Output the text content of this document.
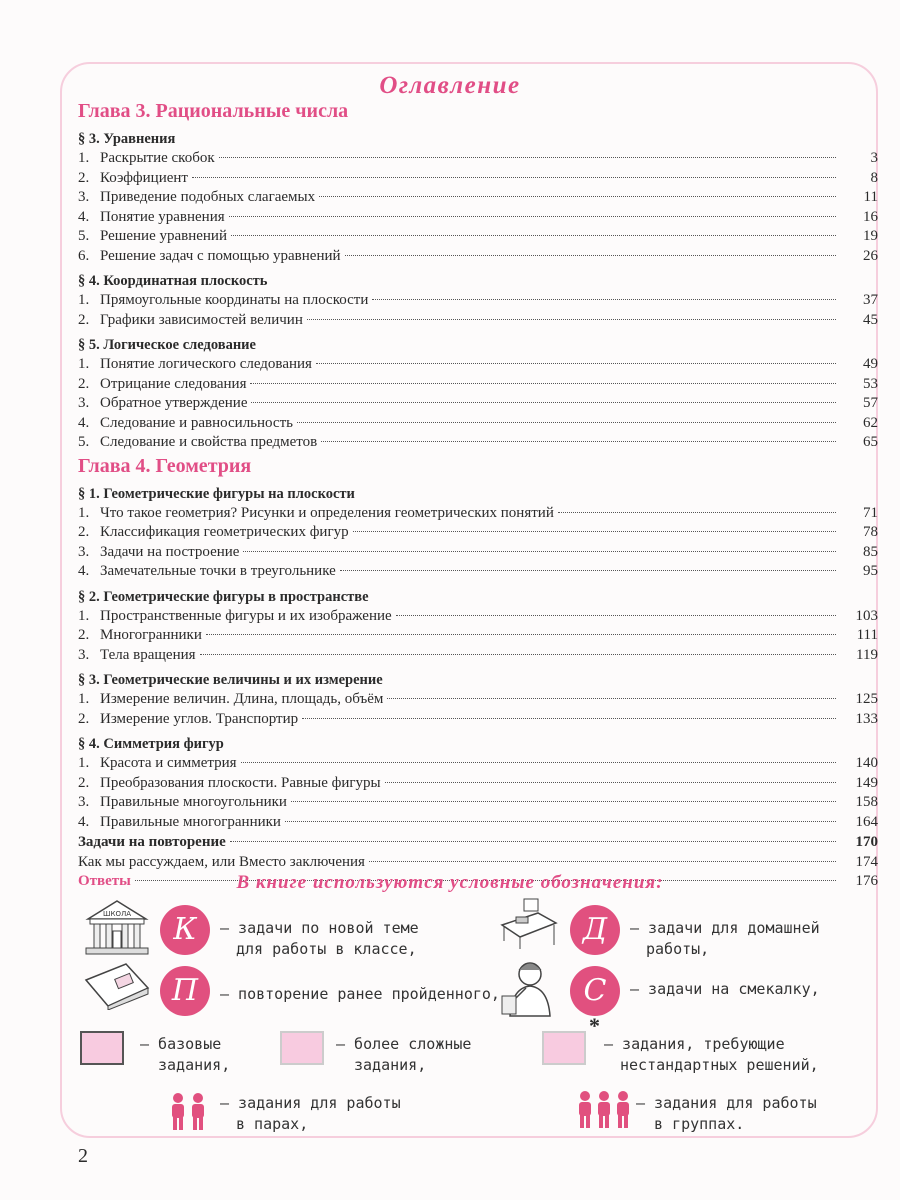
Оглавление
Глава 3. Рациональные числа
§ 3. Уравнения
1. Раскрытие скобок	3
2. Коэффициент	8
3. Приведение подобных слагаемых	11
4. Понятие уравнения	16
5. Решение уравнений	19
6. Решение задач с помощью уравнений	26
§ 4. Координатная плоскость
1. Прямоугольные координаты на плоскости	37
2. Графики зависимостей величин	45
§ 5. Логическое следование
1. Понятие логического следования	49
2. Отрицание следования	53
3. Обратное утверждение	57
4. Следование и равносильность	62
5. Следование и свойства предметов	65
Глава 4. Геометрия
§ 1. Геометрические фигуры на плоскости
1. Что такое геометрия? Рисунки и определения геометрических понятий	71
2. Классификация геометрических фигур	78
3. Задачи на построение	85
4. Замечательные точки в треугольнике	95
§ 2. Геометрические фигуры в пространстве
1. Пространственные фигуры и их изображение	103
2. Многогранники	111
3. Тела вращения	119
§ 3. Геометрические величины и их измерение
1. Измерение величин. Длина, площадь, объём	125
2. Измерение углов. Транспортир	133
§ 4. Симметрия фигур
1. Красота и симметрия	140
2. Преобразования плоскости. Равные фигуры	149
3. Правильные многоугольники	158
4. Правильные многогранники	164
Задачи на повторение	170
Как мы рассуждаем, или Вместо заключения	174
Ответы	176
В книге используются условные обозначения:
ШКОЛА	К	– задачи по новой теме
для работы в классе,
Д	– задачи для домашней
работы,
П	– повторение ранее пройденного,	С	– задачи на смекалку,
– базовые
задания,
– более сложные
задания,
*
– задания, требующие
нестандартных решений,
– задания для работы
в парах,
– задания для работы
в группах.
2
